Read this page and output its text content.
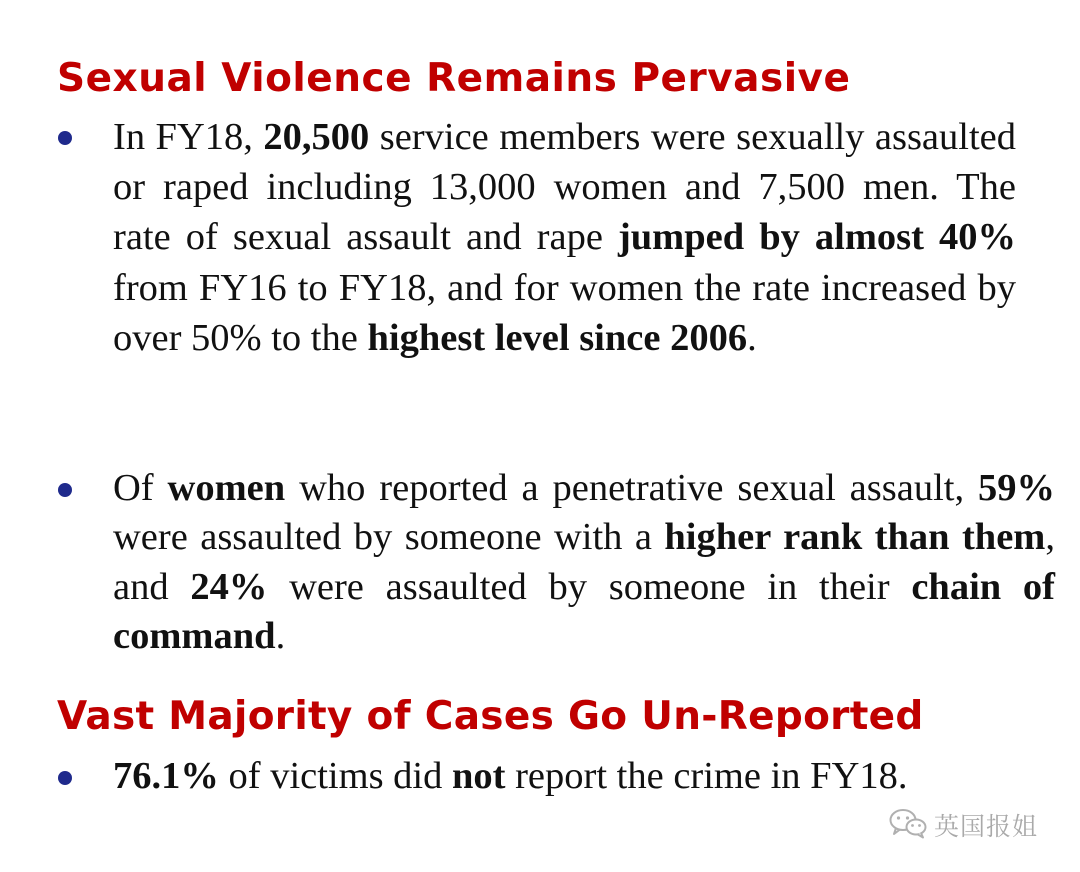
Sexual Violence Remains Pervasive

In FY18, 20,500 service members were sexually assaulted or raped including 13,000 women and 7,500 men. The rate of sexual assault and rape jumped by almost 40% from FY16 to FY18, and for women the rate increased by over 50% to the highest level since 2006.

Of women who reported a penetrative sexual assault, 59% were assaulted by someone with a higher rank than them, and 24% were assaulted by someone in their chain of command.

Vast Majority of Cases Go Un-Reported

76.1% of victims did not report the crime in FY18.

英国报姐
